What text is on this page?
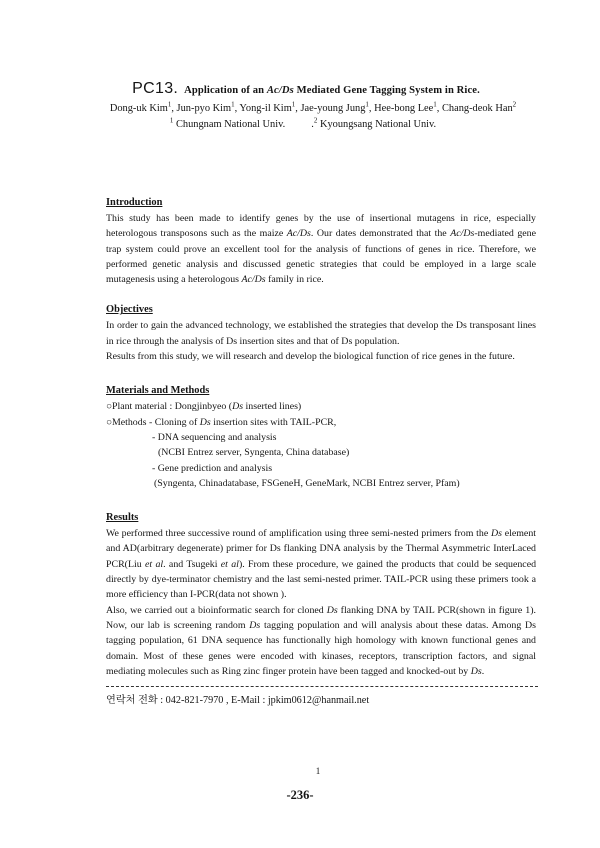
PC13. Application of an Ac/Ds Mediated Gene Tagging System in Rice.
Dong-uk Kim$^1$, Jun-pyo Kim$^1$, Yong-il Kim$^1$, Jae-young Jung$^1$, Hee-bong Lee$^1$, Chang-deok Han$^2$
$^1$ Chungnam National Univ.	.$^2$ Kyoungsang National Univ.
Introduction

This study has been made to identify genes by the use of insertional mutagens in rice, especially heterologous transposons such as the maize Ac/Ds. Our dates demonstrated that the Ac/Ds-mediated gene trap system could prove an excellent tool for the analysis of functions of genes in rice. Therefore, we performed genetic analysis and discussed genetic strategies that could be employed in a large scale mutagenesis using a heterologous Ac/Ds family in rice.

Objectives

In order to gain the advanced technology, we established the strategies that develop the Ds transposant lines in rice through the analysis of Ds insertion sites and that of Ds population.

Results from this study, we will research and develop the biological function of rice genes in the future.

Materials and Methods

○Plant material : Dongjinbyeo (Ds inserted lines)

○Methods - Cloning of Ds insertion sites with TAIL-PCR,

- DNA sequencing and analysis

(NCBI Entrez server, Syngenta, China database)

- Gene prediction and analysis

(Syngenta, Chinadatabase, FSGeneH, GeneMark, NCBI Entrez server, Pfam)

Results

We performed three successive round of amplification using three semi-nested primers from the Ds element and AD(arbitrary degenerate) primer for Ds flanking DNA analysis by the Thermal Asymmetric InterLaced PCR(Liu et al. and Tsugeki et al). From these procedure, we gained the products that could be sequenced directly by dye-terminator chemistry and the last semi-nested primer. TAIL-PCR using these primers took a more efficiency than I-PCR(data not shown ).

Also, we carried out a bioinformatic search for cloned Ds flanking DNA by TAIL PCR(shown in figure 1). Now, our lab is screening random Ds tagging population and will analysis about these datas. Among Ds tagging population, 61 DNA sequence has functionally high homology with known functional genes and domain. Most of these genes were encoded with kinases, receptors, transcription factors, and signal mediating molecules such as Ring zinc finger protein have been tagged and knocked-out by Ds.

연락처 전화 : 042-821-7970 , E-Mail : jpkim0612@hanmail.net
1
-236-
